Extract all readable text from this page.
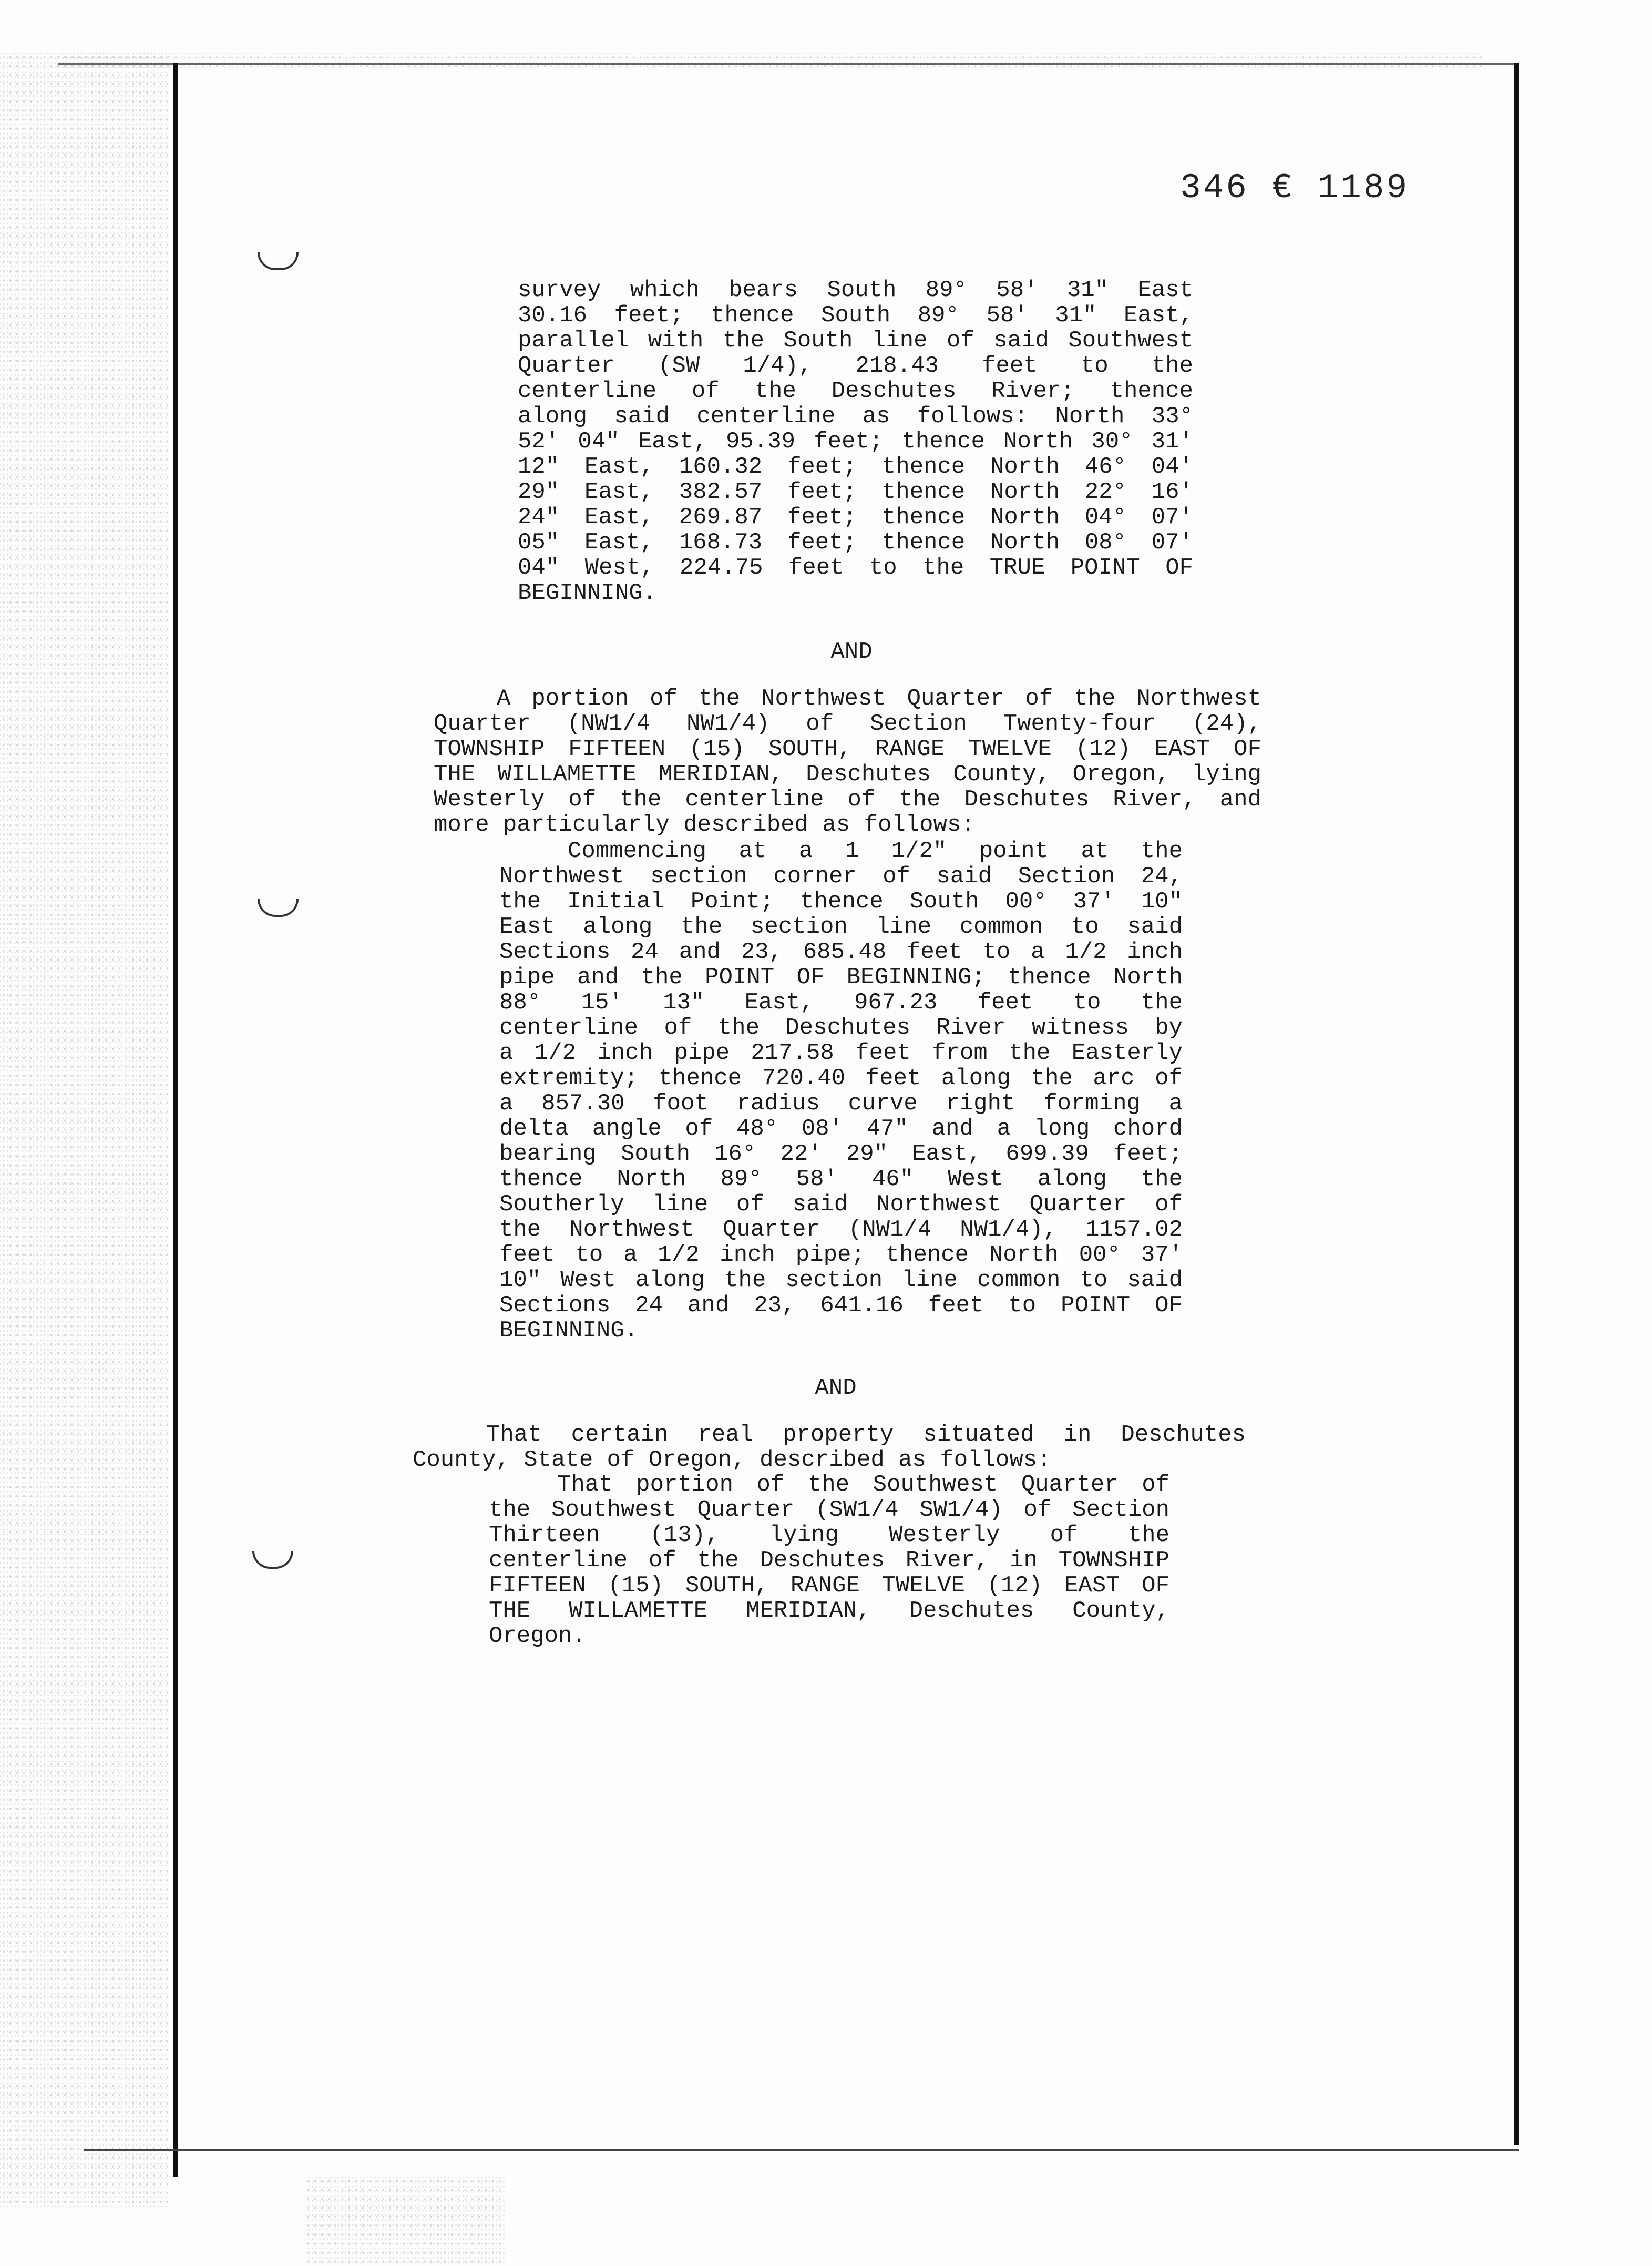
346 € 1189
survey which bears South 89° 58' 31" East
30.16 feet; thence South 89° 58' 31" East,
parallel with the South line of said Southwest
Quarter (SW 1/4), 218.43 feet to the
centerline of the Deschutes River; thence
along said centerline as follows: North 33°
52' 04" East, 95.39 feet; thence North 30° 31'
12" East, 160.32 feet; thence North 46° 04'
29" East, 382.57 feet; thence North 22° 16'
24" East, 269.87 feet; thence North 04° 07'
05" East, 168.73 feet; thence North 08° 07'
04" West, 224.75 feet to the TRUE POINT OF
BEGINNING.
AND
A portion of the Northwest Quarter of the Northwest
Quarter (NW1/4 NW1/4) of Section Twenty-four (24),
TOWNSHIP FIFTEEN (15) SOUTH, RANGE TWELVE (12) EAST OF
THE WILLAMETTE MERIDIAN, Deschutes County, Oregon, lying
Westerly of the centerline of the Deschutes River, and
more particularly described as follows:
Commencing at a 1 1/2" point at the
Northwest section corner of said Section 24,
the Initial Point; thence South 00° 37' 10"
East along the section line common to said
Sections 24 and 23, 685.48 feet to a 1/2 inch
pipe and the POINT OF BEGINNING; thence North
88° 15' 13" East, 967.23 feet to the
centerline of the Deschutes River witness by
a 1/2 inch pipe 217.58 feet from the Easterly
extremity; thence 720.40 feet along the arc of
a 857.30 foot radius curve right forming a
delta angle of 48° 08' 47" and a long chord
bearing South 16° 22' 29" East, 699.39 feet;
thence North 89° 58' 46" West along the
Southerly line of said Northwest Quarter of
the Northwest Quarter (NW1/4 NW1/4), 1157.02
feet to a 1/2 inch pipe; thence North 00° 37'
10" West along the section line common to said
Sections 24 and 23, 641.16 feet to POINT OF
BEGINNING.
AND
That certain real property situated in Deschutes
County, State of Oregon, described as follows:
That portion of the Southwest Quarter of
the Southwest Quarter (SW1/4 SW1/4) of Section
Thirteen (13), lying Westerly of the
centerline of the Deschutes River, in TOWNSHIP
FIFTEEN (15) SOUTH, RANGE TWELVE (12) EAST OF
THE WILLAMETTE MERIDIAN, Deschutes County,
Oregon.
